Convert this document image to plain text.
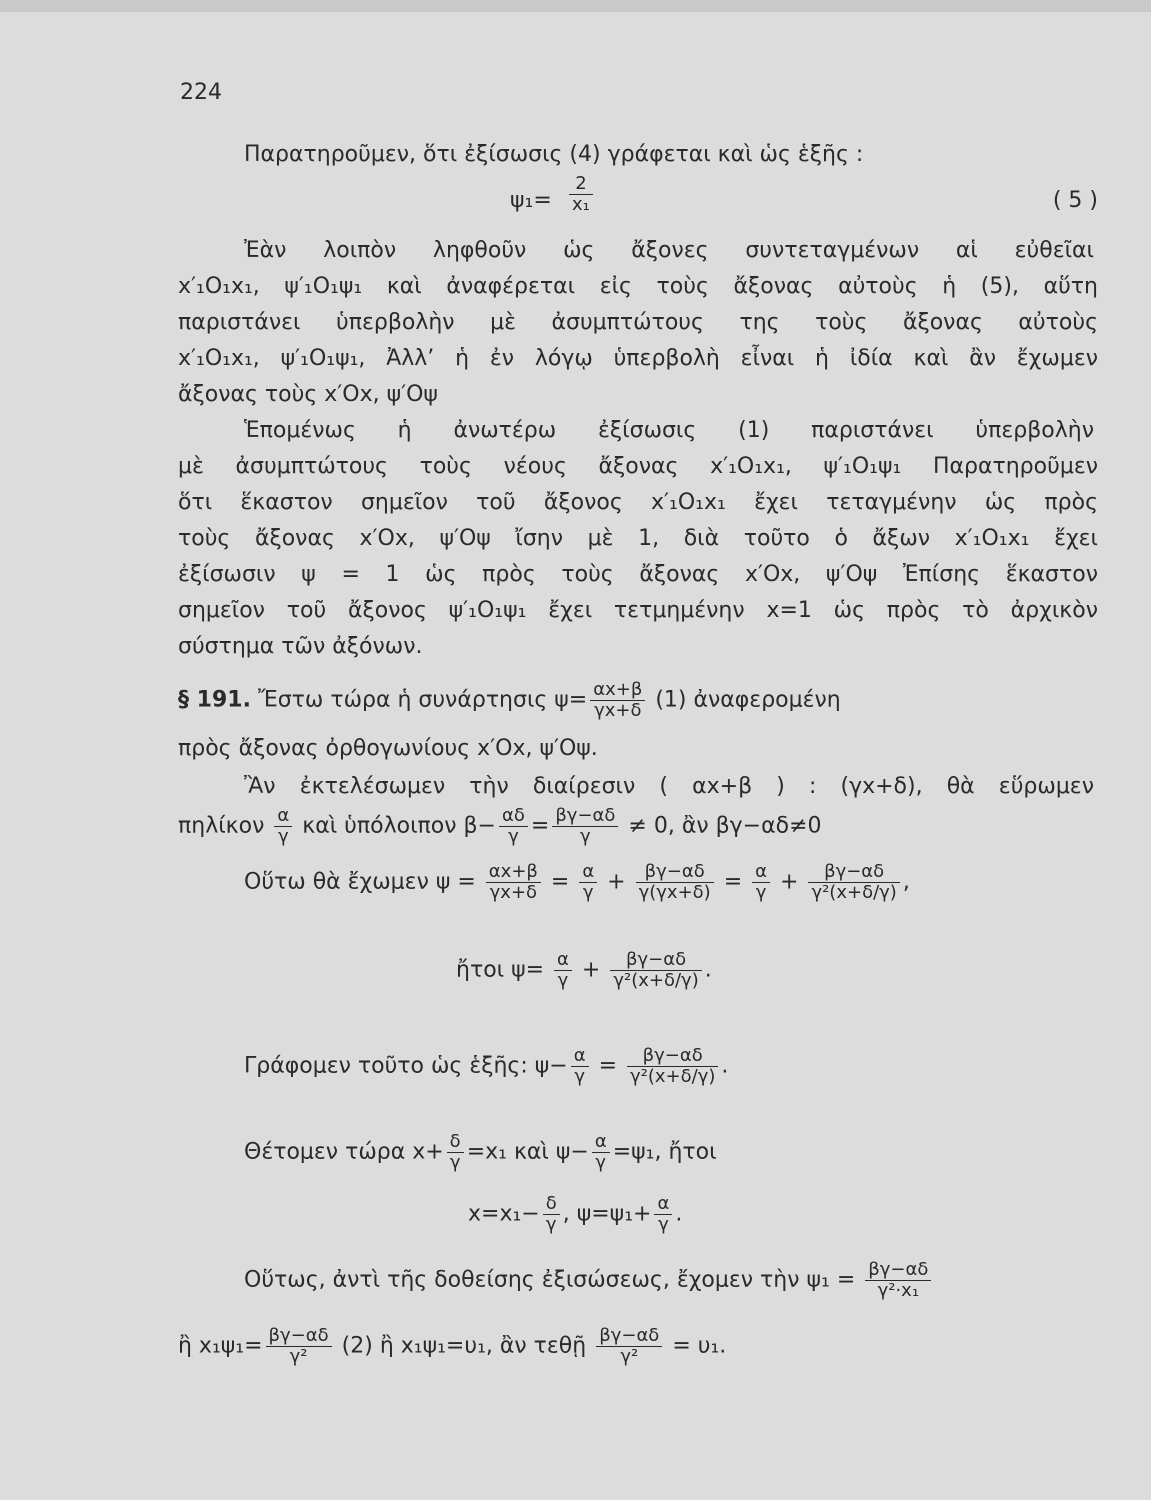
224
Παρατηροῦμεν, ὅτι ἐξίσωσις (4) γράφεται καὶ ὡς ἑξῆς :
$\psi_1= \frac{2}{\text{x₁}}$	( 5 )
Ἐὰν λοιπὸν ληφθοῦν ὡς ἄξονες συντεταγμένων αἱ εὐθεῖαι
x′₁O₁x₁, ψ′₁O₁ψ₁ καὶ ἀναφέρεται εἰς τοὺς ἄξονας αὐτοὺς ἡ (5), αὕτη
παριστάνει ὑπερβολὴν μὲ ἀσυμπτώτους της τοὺς ἄξονας αὐτοὺς
x′₁O₁x₁, ψ′₁O₁ψ₁, Ἀλλ’ ἡ ἐν λόγῳ ὑπερβολὴ εἶναι ἡ ἰδία καὶ ἂν ἔχωμεν
ἄξονας τοὺς x′Ox, ψ′Oψ
Ἑπομένως ἡ ἀνωτέρω ἐξίσωσις (1) παριστάνει ὑπερβολὴν
μὲ ἀσυμπτώτους τοὺς νέους ἄξονας x′₁O₁x₁, ψ′₁O₁ψ₁ Παρατηροῦμεν
ὅτι ἕκαστον σημεῖον τοῦ ἄξονος x′₁O₁x₁ ἔχει τεταγμένην ὡς πρὸς
τοὺς ἄξονας x′Ox, ψ′Oψ ἴσην μὲ 1, διὰ τοῦτο ὁ ἄξων x′₁O₁x₁ ἔχει
ἐξίσωσιν ψ = 1 ὡς πρὸς τοὺς ἄξονας x′Ox, ψ′Oψ Ἐπίσης ἕκαστον
σημεῖον τοῦ ἄξονος ψ′₁O₁ψ₁ ἔχει τετμημένην x=1 ὡς πρὸς τὸ ἀρχικὸν
σύστημα τῶν ἀξόνων.
§ 191. Ἔστω τώρα ἡ συνάρτησις $\psi= \frac{\alpha x+\beta}{\gamma x+\delta} (1)$ ἀναφερομένη
πρὸς ἄξονας ὀρθογωνίους x′Ox, ψ′Oψ.
Ἂν ἐκτελέσωμεν τὴν διαίρεσιν ( αx+β ) : (γx+δ), θὰ εὕρωμεν
πηλίκον $\frac{\alpha}{\gamma}$ καὶ ὑπόλοιπον $\beta- \frac{\alpha\delta}{\gamma} = \frac{\beta\gamma-\alpha\delta}{\gamma} \ne 0$, ἂν βγ−αδ≠0
Οὕτω θὰ ἔχωμεν $\psi = \frac{\alpha x+\beta}{\gamma x+\delta} = \frac{\alpha}{\gamma} + \frac{\beta\gamma-\alpha\delta}{\gamma(\gamma x+\delta)} = \frac{\alpha}{\gamma} + \frac{\beta\gamma-\alpha\delta}{\text{γ²(x+δ/γ)}}$ ,
ἤτοι $\psi= \frac{\alpha}{\gamma} + \frac{\beta\gamma-\alpha\delta}{\text{γ²(x+δ/γ)}}$ .
Γράφομεν τοῦτο ὡς ἑξῆς: $\psi- \frac{\alpha}{\gamma} = \frac{\beta\gamma-\alpha\delta}{\text{γ²(x+δ/γ)}}$ .
Θέτομεν τώρα $x+ \frac{\delta}{\gamma} =x_1$ καὶ $\psi- \frac{\alpha}{\gamma} =\psi_1$, ἤτοι
$x=x_1- \frac{\delta}{\gamma}$ , $\psi=\psi_1+ \frac{\alpha}{\gamma}$ .
Οὕτως, ἀντὶ τῆς δοθείσης ἐξισώσεως, ἔχομεν τὴν $\psi_1 = \frac{\beta\gamma-\alpha\delta}{\text{γ²·x₁}}$
ἢ $x_1\psi_1= \frac{\beta\gamma-\alpha\delta}{\text{γ²}} (2)$ ἢ x₁ψ₁=υ₁, ἂν τεθῇ $\frac{\beta\gamma-\alpha\delta}{\text{γ²}} = \upsilon_1$.
